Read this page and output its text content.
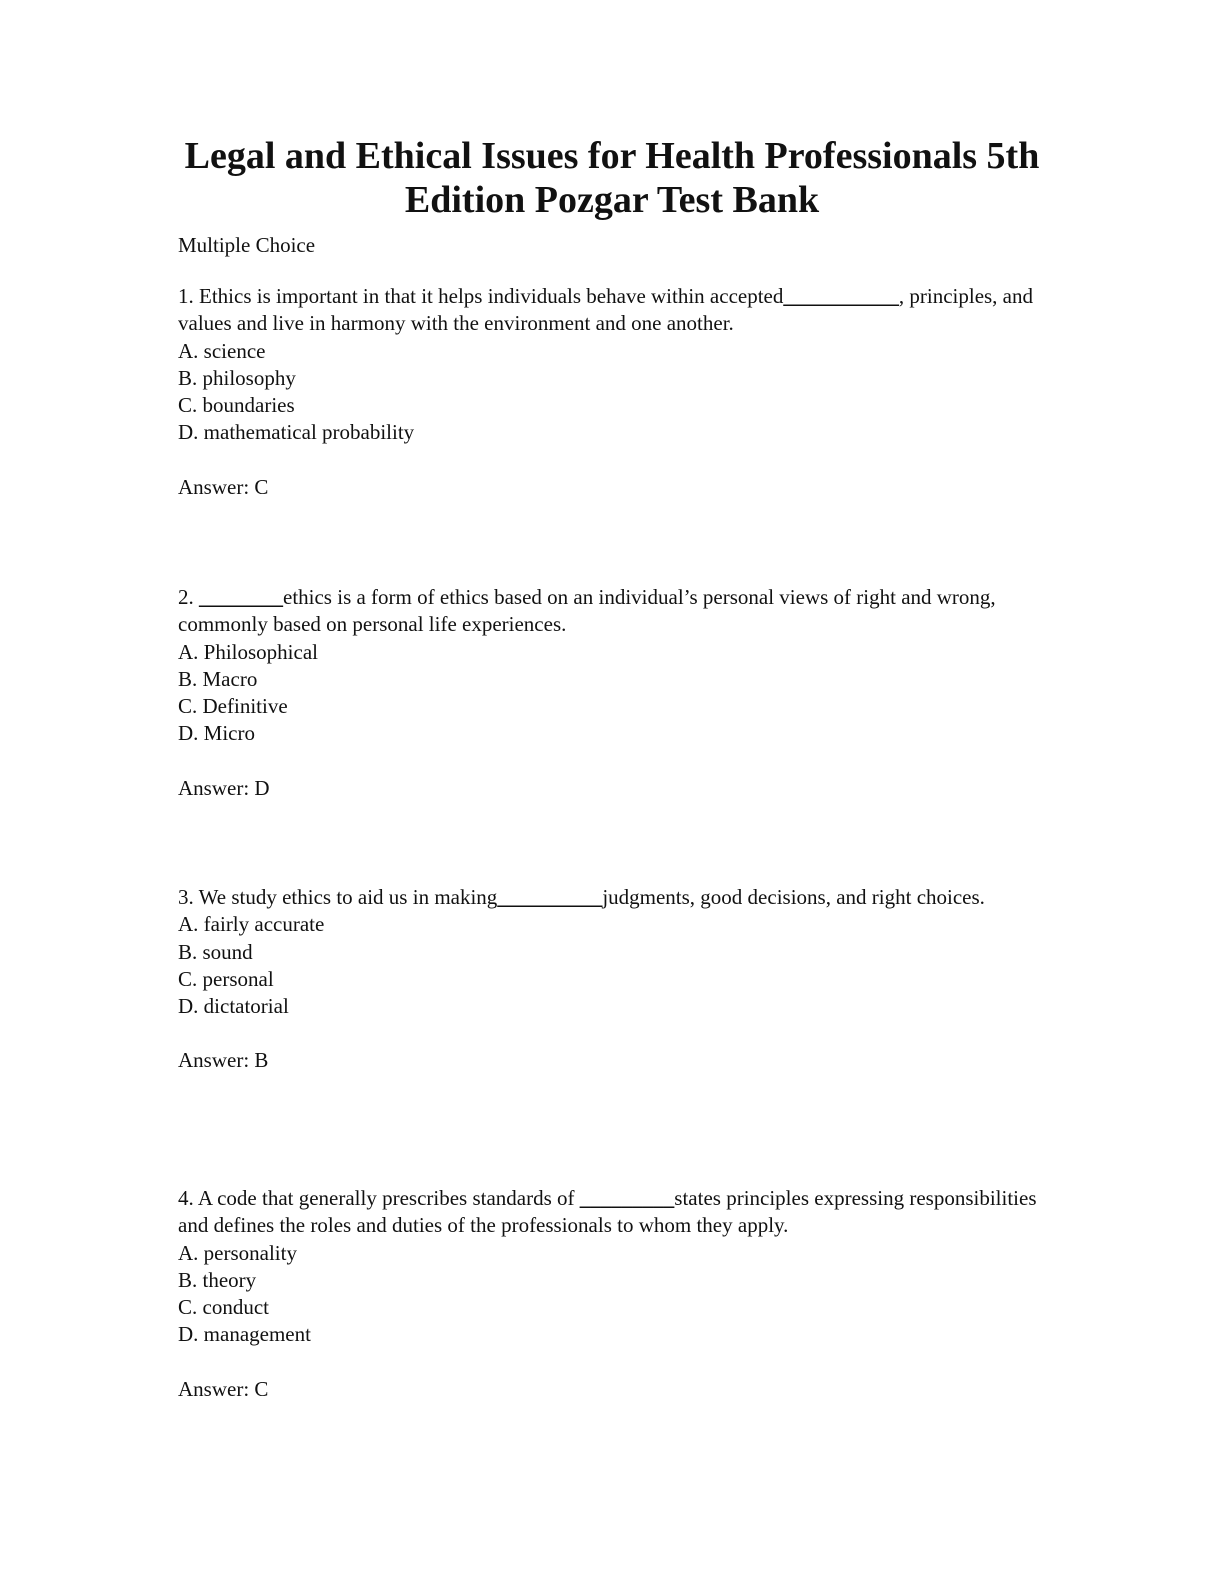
Legal and Ethical Issues for Health Professionals 5th
Edition Pozgar Test Bank
Multiple Choice
1. Ethics is important in that it helps individuals behave within accepted___________, principles, and values and live in harmony with the environment and one another.
A. science
B. philosophy
C. boundaries
D. mathematical probability
Answer: C
2. ________ethics is a form of ethics based on an individual’s personal views of right and wrong, commonly based on personal life experiences.
A. Philosophical
B. Macro
C. Definitive
D. Micro
Answer: D
3. We study ethics to aid us in making__________judgments, good decisions, and right choices.
A. fairly accurate
B. sound
C. personal
D. dictatorial
Answer: B
4. A code that generally prescribes standards of _________states principles expressing responsibilities and defines the roles and duties of the professionals to whom they apply.
A. personality
B. theory
C. conduct
D. management
Answer: C
